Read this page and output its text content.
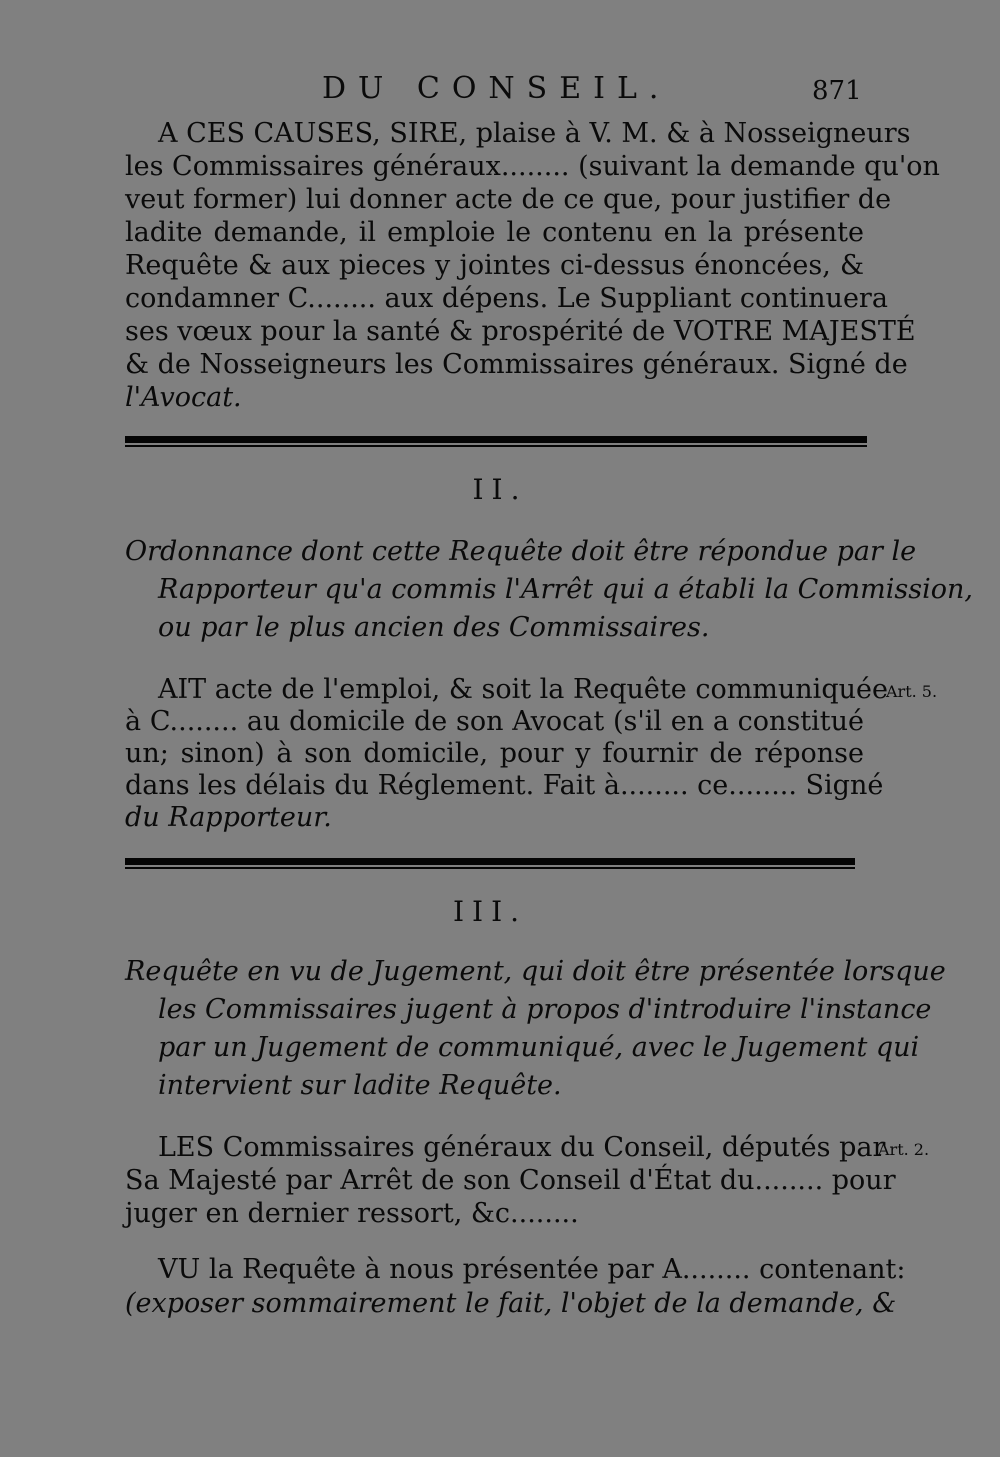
DU CONSEIL.	871
A CES CAUSES, SIRE, plaise à V. M. & à Nosseigneurs
les Commissaires généraux........ (suivant la demande qu'on
veut former) lui donner acte de ce que, pour justifier de
ladite demande, il emploie le contenu en la présente
Requête & aux pieces y jointes ci-dessus énoncées, &
condamner C........ aux dépens. Le Suppliant continuera
ses vœux pour la santé & prospérité de VOTRE MAJESTÉ
& de Nosseigneurs les Commissaires généraux. Signé de
l'Avocat.
II.
Ordonnance dont cette Requête doit être répondue par le
Rapporteur qu'a commis l'Arrêt qui a établi la Commission,
ou par le plus ancien des Commissaires.
Art. 5.
AIT acte de l'emploi, & soit la Requête communiquée
à C........ au domicile de son Avocat (s'il en a constitué
un; sinon) à son domicile, pour y fournir de réponse
dans les délais du Réglement. Fait à........ ce........ Signé
du Rapporteur.
III.
Requête en vu de Jugement, qui doit être présentée lorsque
les Commissaires jugent à propos d'introduire l'instance
par un Jugement de communiqué, avec le Jugement qui
intervient sur ladite Requête.
Art. 2.
LES Commissaires généraux du Conseil, députés par
Sa Majesté par Arrêt de son Conseil d'État du........ pour
juger en dernier ressort, &c........
VU la Requête à nous présentée par A........ contenant:
(exposer sommairement le fait, l'objet de la demande, &
